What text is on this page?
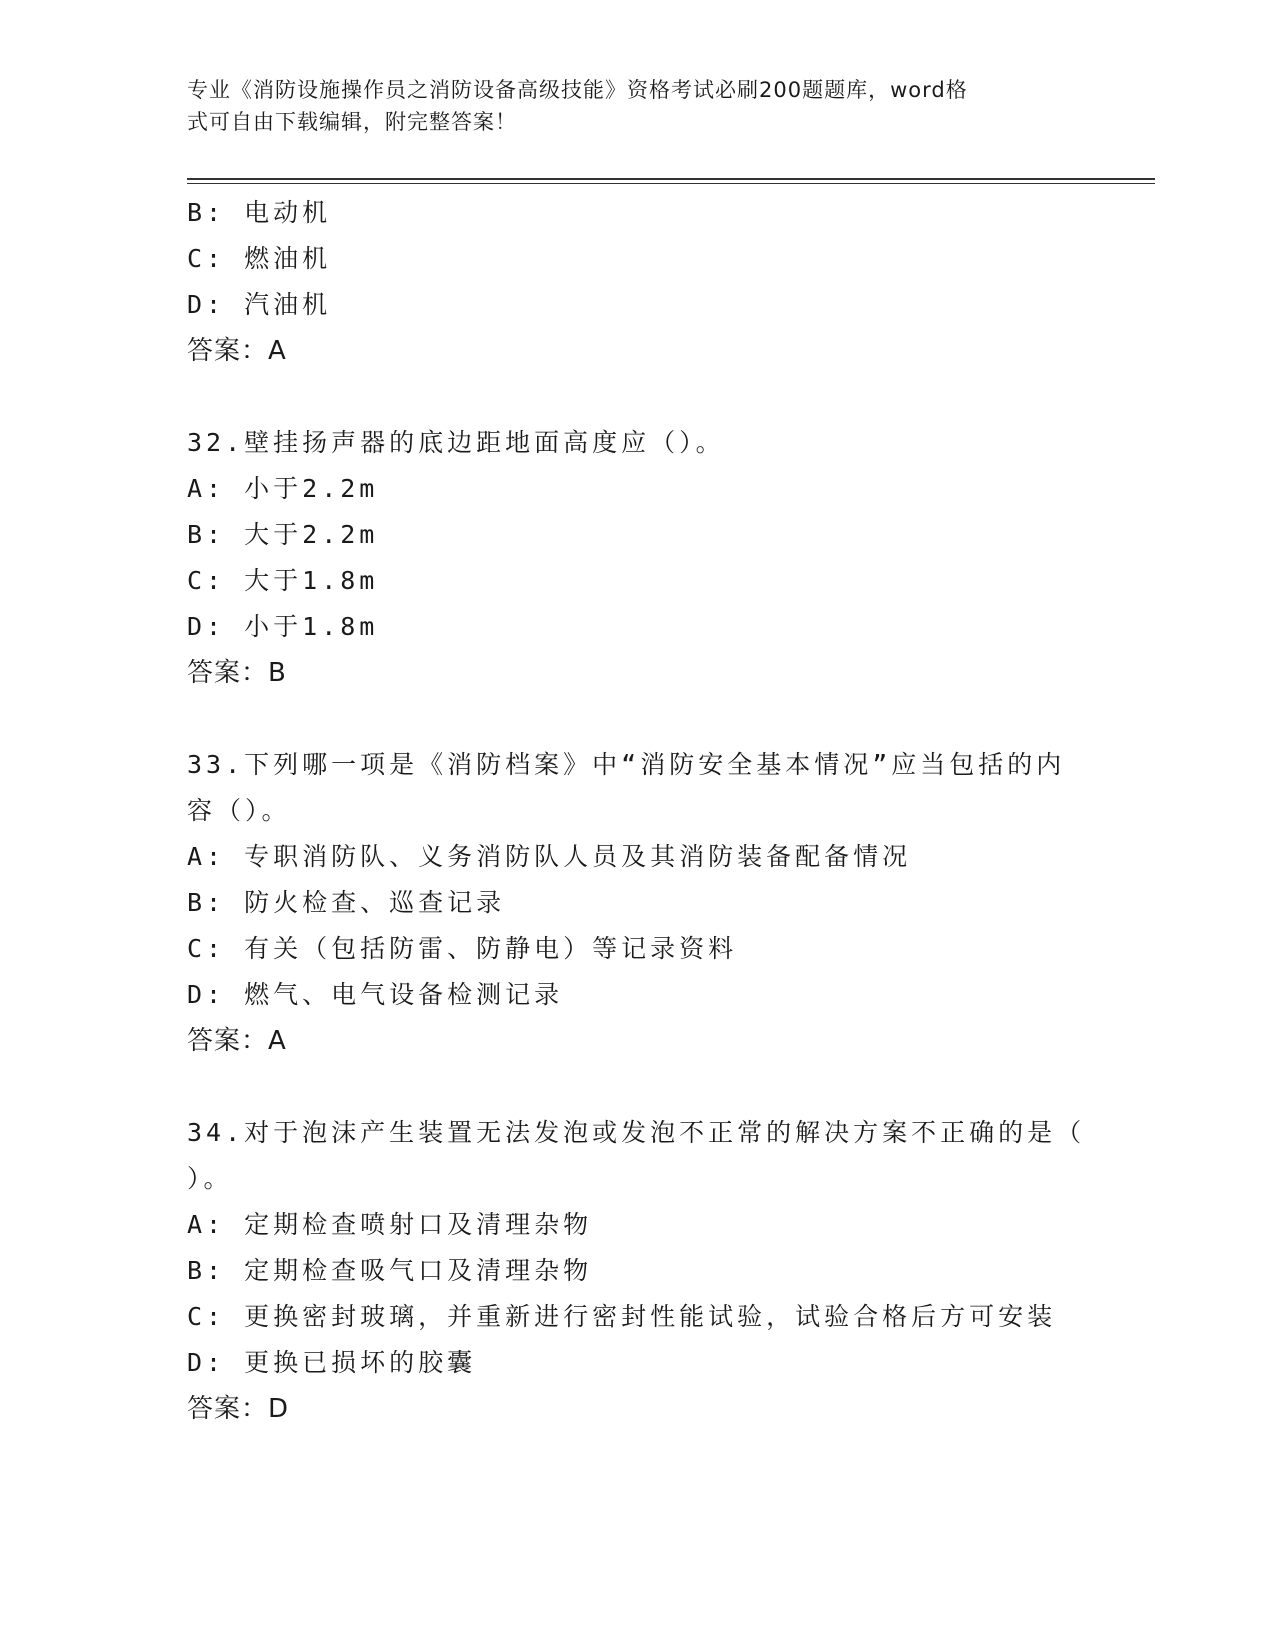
专业《消防设施操作员之消防设备高级技能》资格考试必刷200题题库，word格
式可自由下载编辑，附完整答案！
B: 电动机
C: 燃油机
D: 汽油机
答案：A
32.壁挂扬声器的底边距地面高度应（）。
A: 小于2.2m
B: 大于2.2m
C: 大于1.8m
D: 小于1.8m
答案：B
33.下列哪一项是《消防档案》中“消防安全基本情况”应当包括的内
容（）。
A: 专职消防队、义务消防队人员及其消防装备配备情况
B: 防火检查、巡查记录
C: 有关（包括防雷、防静电）等记录资料
D: 燃气、电气设备检测记录
答案：A
34.对于泡沫产生装置无法发泡或发泡不正常的解决方案不正确的是（
）。
A: 定期检查喷射口及清理杂物
B: 定期检查吸气口及清理杂物
C: 更换密封玻璃，并重新进行密封性能试验，试验合格后方可安装
D: 更换已损坏的胶囊
答案：D
